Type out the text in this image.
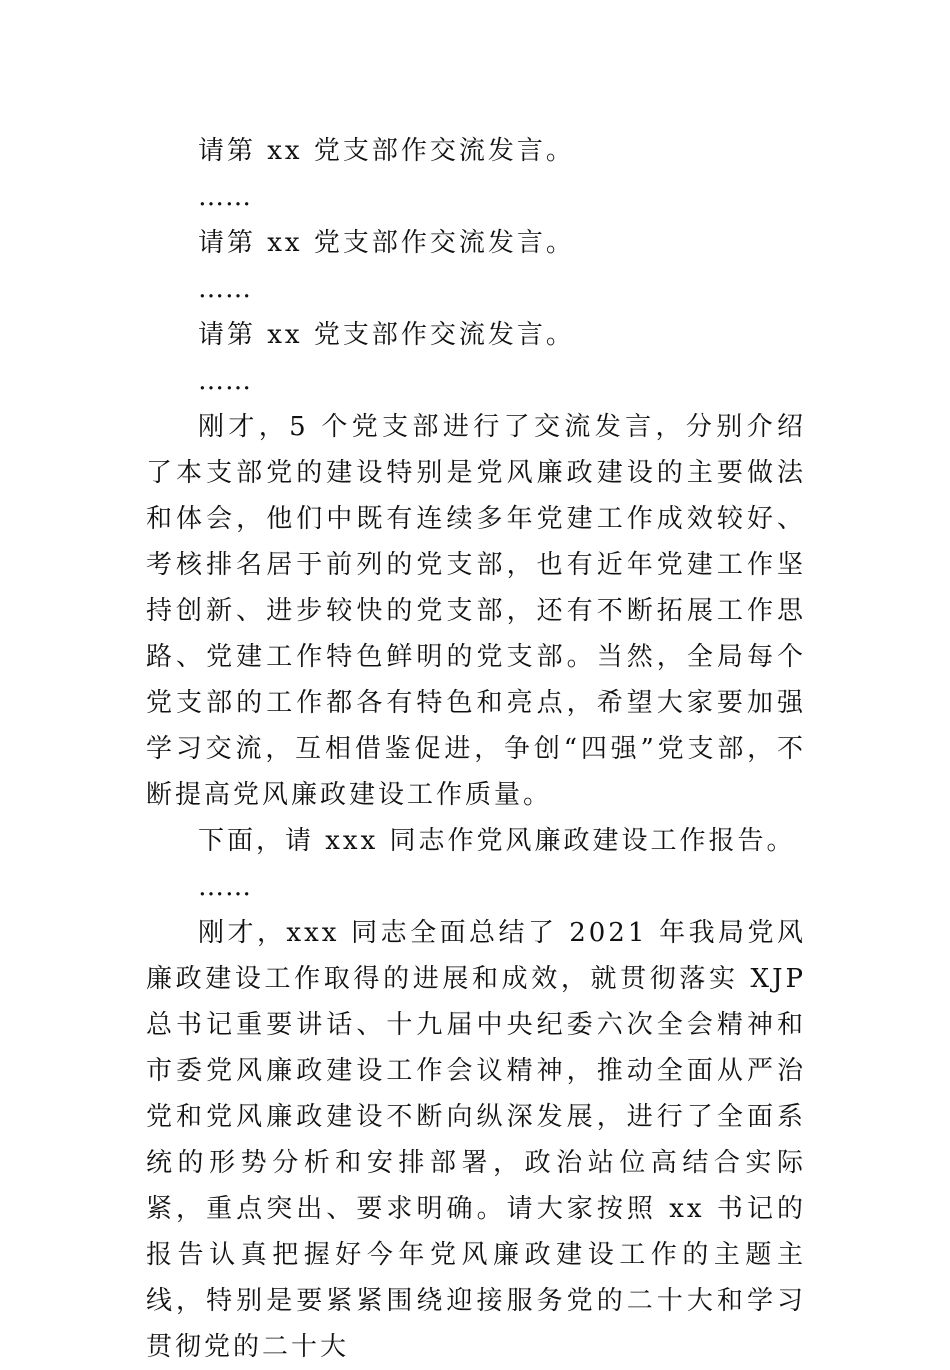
请第 xx 党支部作交流发言。

……

请第 xx 党支部作交流发言。

……

请第 xx 党支部作交流发言。

……

刚才，5 个党支部进行了交流发言，分别介绍了本支部党的建设特别是党风廉政建设的主要做法和体会，他们中既有连续多年党建工作成效较好、考核排名居于前列的党支部，也有近年党建工作坚持创新、进步较快的党支部，还有不断拓展工作思路、党建工作特色鲜明的党支部。当然，全局每个党支部的工作都各有特色和亮点，希望大家要加强学习交流，互相借鉴促进，争创“四强”党支部，不断提高党风廉政建设工作质量。

下面，请 xxx 同志作党风廉政建设工作报告。

……

刚才，xxx 同志全面总结了 2021 年我局党风廉政建设工作取得的进展和成效，就贯彻落实 XJP 总书记重要讲话、十九届中央纪委六次全会精神和市委党风廉政建设工作会议精神，推动全面从严治党和党风廉政建设不断向纵深发展，进行了全面系统的形势分析和安排部署，政治站位高结合实际紧，重点突出、要求明确。请大家按照 xx 书记的报告认真把握好今年党风廉政建设工作的主题主线，特别是要紧紧围绕迎接服务党的二十大和学习贯彻党的二十大
